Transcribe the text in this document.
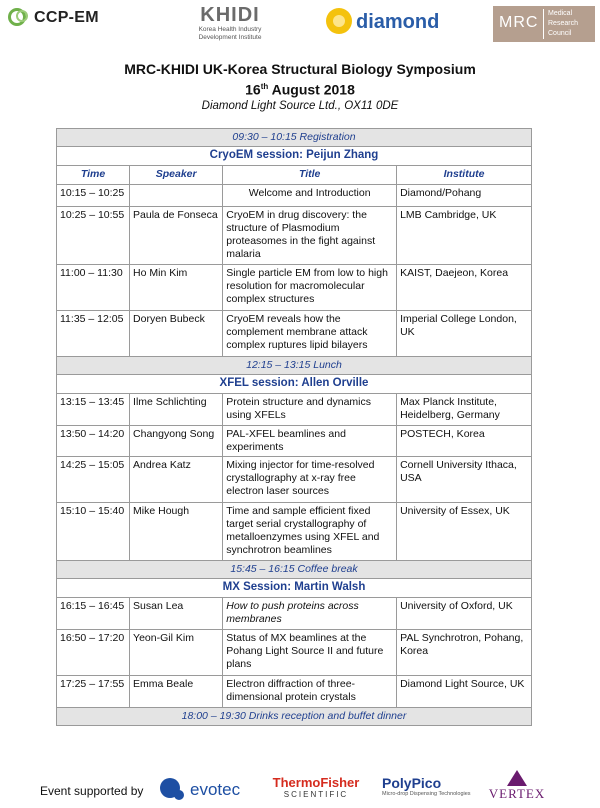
CCP-EM	KHIDI
Korea Health Industry
Development Institute
diamond	MRC
Medical
Research
Council
MRC-KHIDI UK-Korea Structural Biology Symposium
16th August 2018
Diamond Light Source Ltd., OX11 0DE
09:30 – 10:15 Registration			
CryoEM session: Peijun Zhang			
Time	Speaker	Title	Institute
10:15 – 10:25		Welcome and Introduction	Diamond/Pohang
10:25 – 10:55	Paula de Fonseca	CryoEM in drug discovery: the structure of Plasmodium proteasomes in the fight against malaria	LMB Cambridge, UK
11:00 – 11:30	Ho Min Kim	Single particle EM from low to high resolution for macromolecular complex structures	KAIST, Daejeon, Korea
11:35 – 12:05	Doryen Bubeck	CryoEM reveals how the complement membrane attack complex ruptures lipid bilayers	Imperial College London, UK
12:15 – 13:15 Lunch			
XFEL session: Allen Orville			
13:15 – 13:45	Ilme Schlichting	Protein structure and dynamics using XFELs	Max Planck Institute, Heidelberg, Germany
13:50 – 14:20	Changyong Song	PAL-XFEL beamlines and experiments	POSTECH, Korea
14:25 – 15:05	Andrea Katz	Mixing injector for time-resolved crystallography at x-ray free electron laser sources	Cornell University Ithaca, USA
15:10 – 15:40	Mike Hough	Time and sample efficient fixed target serial crystallography of metalloenzymes using XFEL and synchrotron beamlines	University of Essex, UK
15:45 – 16:15 Coffee break			
MX Session: Martin Walsh			
16:15 – 16:45	Susan Lea	How to push proteins across membranes	University of Oxford, UK
16:50 – 17:20	Yeon-Gil Kim	Status of MX beamlines at the Pohang Light Source II and future plans	PAL Synchrotron, Pohang, Korea
17:25 – 17:55	Emma Beale	Electron diffraction of three-dimensional protein crystals	Diamond Light Source, UK
18:00 – 19:30 Drinks reception and buffet dinner			
Event supported by	evotec	ThermoFisher
SCIENTIFIC
PolyPico
Micro-drop Dispensing Technologies	VERTEX
